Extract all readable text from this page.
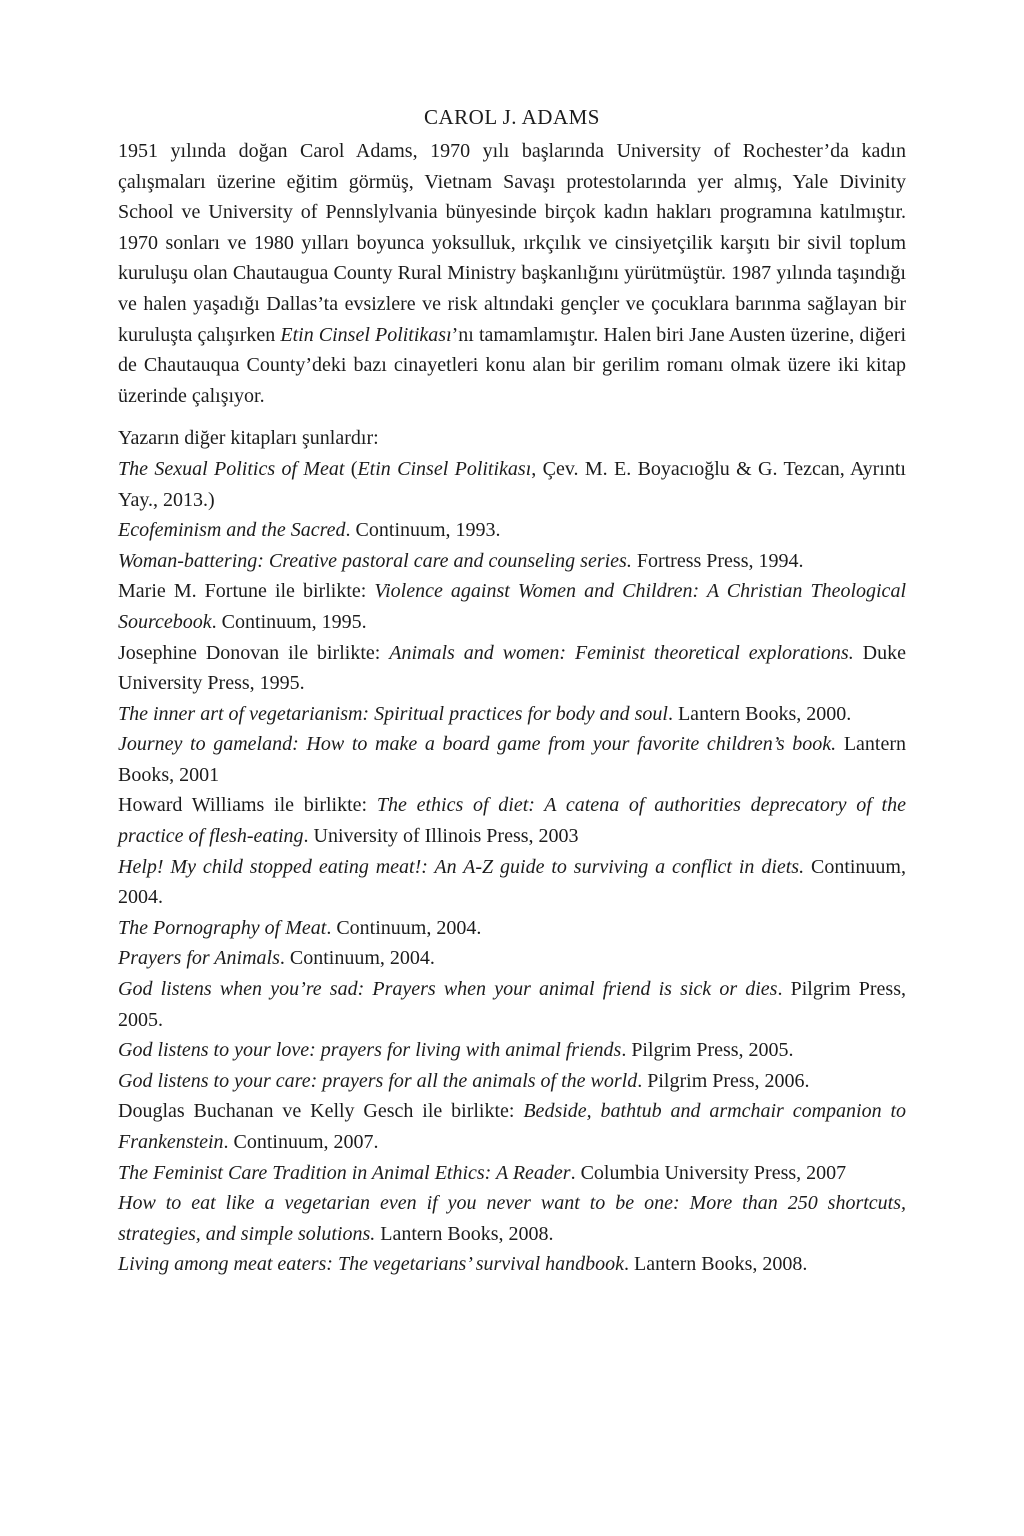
CAROL J. ADAMS

1951 yılında doğan Carol Adams, 1970 yılı başlarında University of Rochester’da kadın çalışmaları üzerine eğitim görmüş, Vietnam Savaşı protestolarında yer almış, Yale Divinity School ve University of Pennslylvania bünyesinde birçok kadın hakları programına katılmıştır. 1970 sonları ve 1980 yılları boyunca yoksulluk, ırkçılık ve cinsiyetçilik karşıtı bir sivil toplum kuruluşu olan Chautaugua County Rural Ministry başkanlığını yürütmüştür. 1987 yılında taşındığı ve halen yaşadığı Dallas’ta evsizlere ve risk altındaki gençler ve çocuklara barınma sağlayan bir kuruluşta çalışırken Etin Cinsel Politikası’nı tamamlamıştır. Halen biri Jane Austen üzerine, diğeri de Chautauqua County’deki bazı cinayetleri konu alan bir gerilim romanı olmak üzere iki kitap üzerinde çalışıyor.

Yazarın diğer kitapları şunlardır:

The Sexual Politics of Meat (Etin Cinsel Politikası, Çev. M. E. Boyacıoğlu & G. Tezcan, Ayrıntı Yay., 2013.)
Ecofeminism and the Sacred. Continuum, 1993.
Woman-battering: Creative pastoral care and counseling series. Fortress Press, 1994.
Marie M. Fortune ile birlikte: Violence against Women and Children: A Christian Theological Sourcebook. Continuum, 1995.
Josephine Donovan ile birlikte: Animals and women: Feminist theoretical explorations. Duke University Press, 1995.
The inner art of vegetarianism: Spiritual practices for body and soul. Lantern Books, 2000.
Journey to gameland: How to make a board game from your favorite children’s book. Lantern Books, 2001
Howard Williams ile birlikte: The ethics of diet: A catena of authorities deprecatory of the practice of flesh-eating. University of Illinois Press, 2003
Help! My child stopped eating meat!: An A-Z guide to surviving a conflict in diets. Continuum, 2004.
The Pornography of Meat. Continuum, 2004.
Prayers for Animals. Continuum, 2004.
God listens when you’re sad: Prayers when your animal friend is sick or dies. Pilgrim Press, 2005.
God listens to your love: prayers for living with animal friends. Pilgrim Press, 2005.
God listens to your care: prayers for all the animals of the world. Pilgrim Press, 2006.
Douglas Buchanan ve Kelly Gesch ile birlikte: Bedside, bathtub and armchair companion to Frankenstein. Continuum, 2007.
The Feminist Care Tradition in Animal Ethics: A Reader. Columbia University Press, 2007
How to eat like a vegetarian even if you never want to be one: More than 250 shortcuts, strategies, and simple solutions. Lantern Books, 2008.
Living among meat eaters: The vegetarians’ survival handbook. Lantern Books, 2008.
